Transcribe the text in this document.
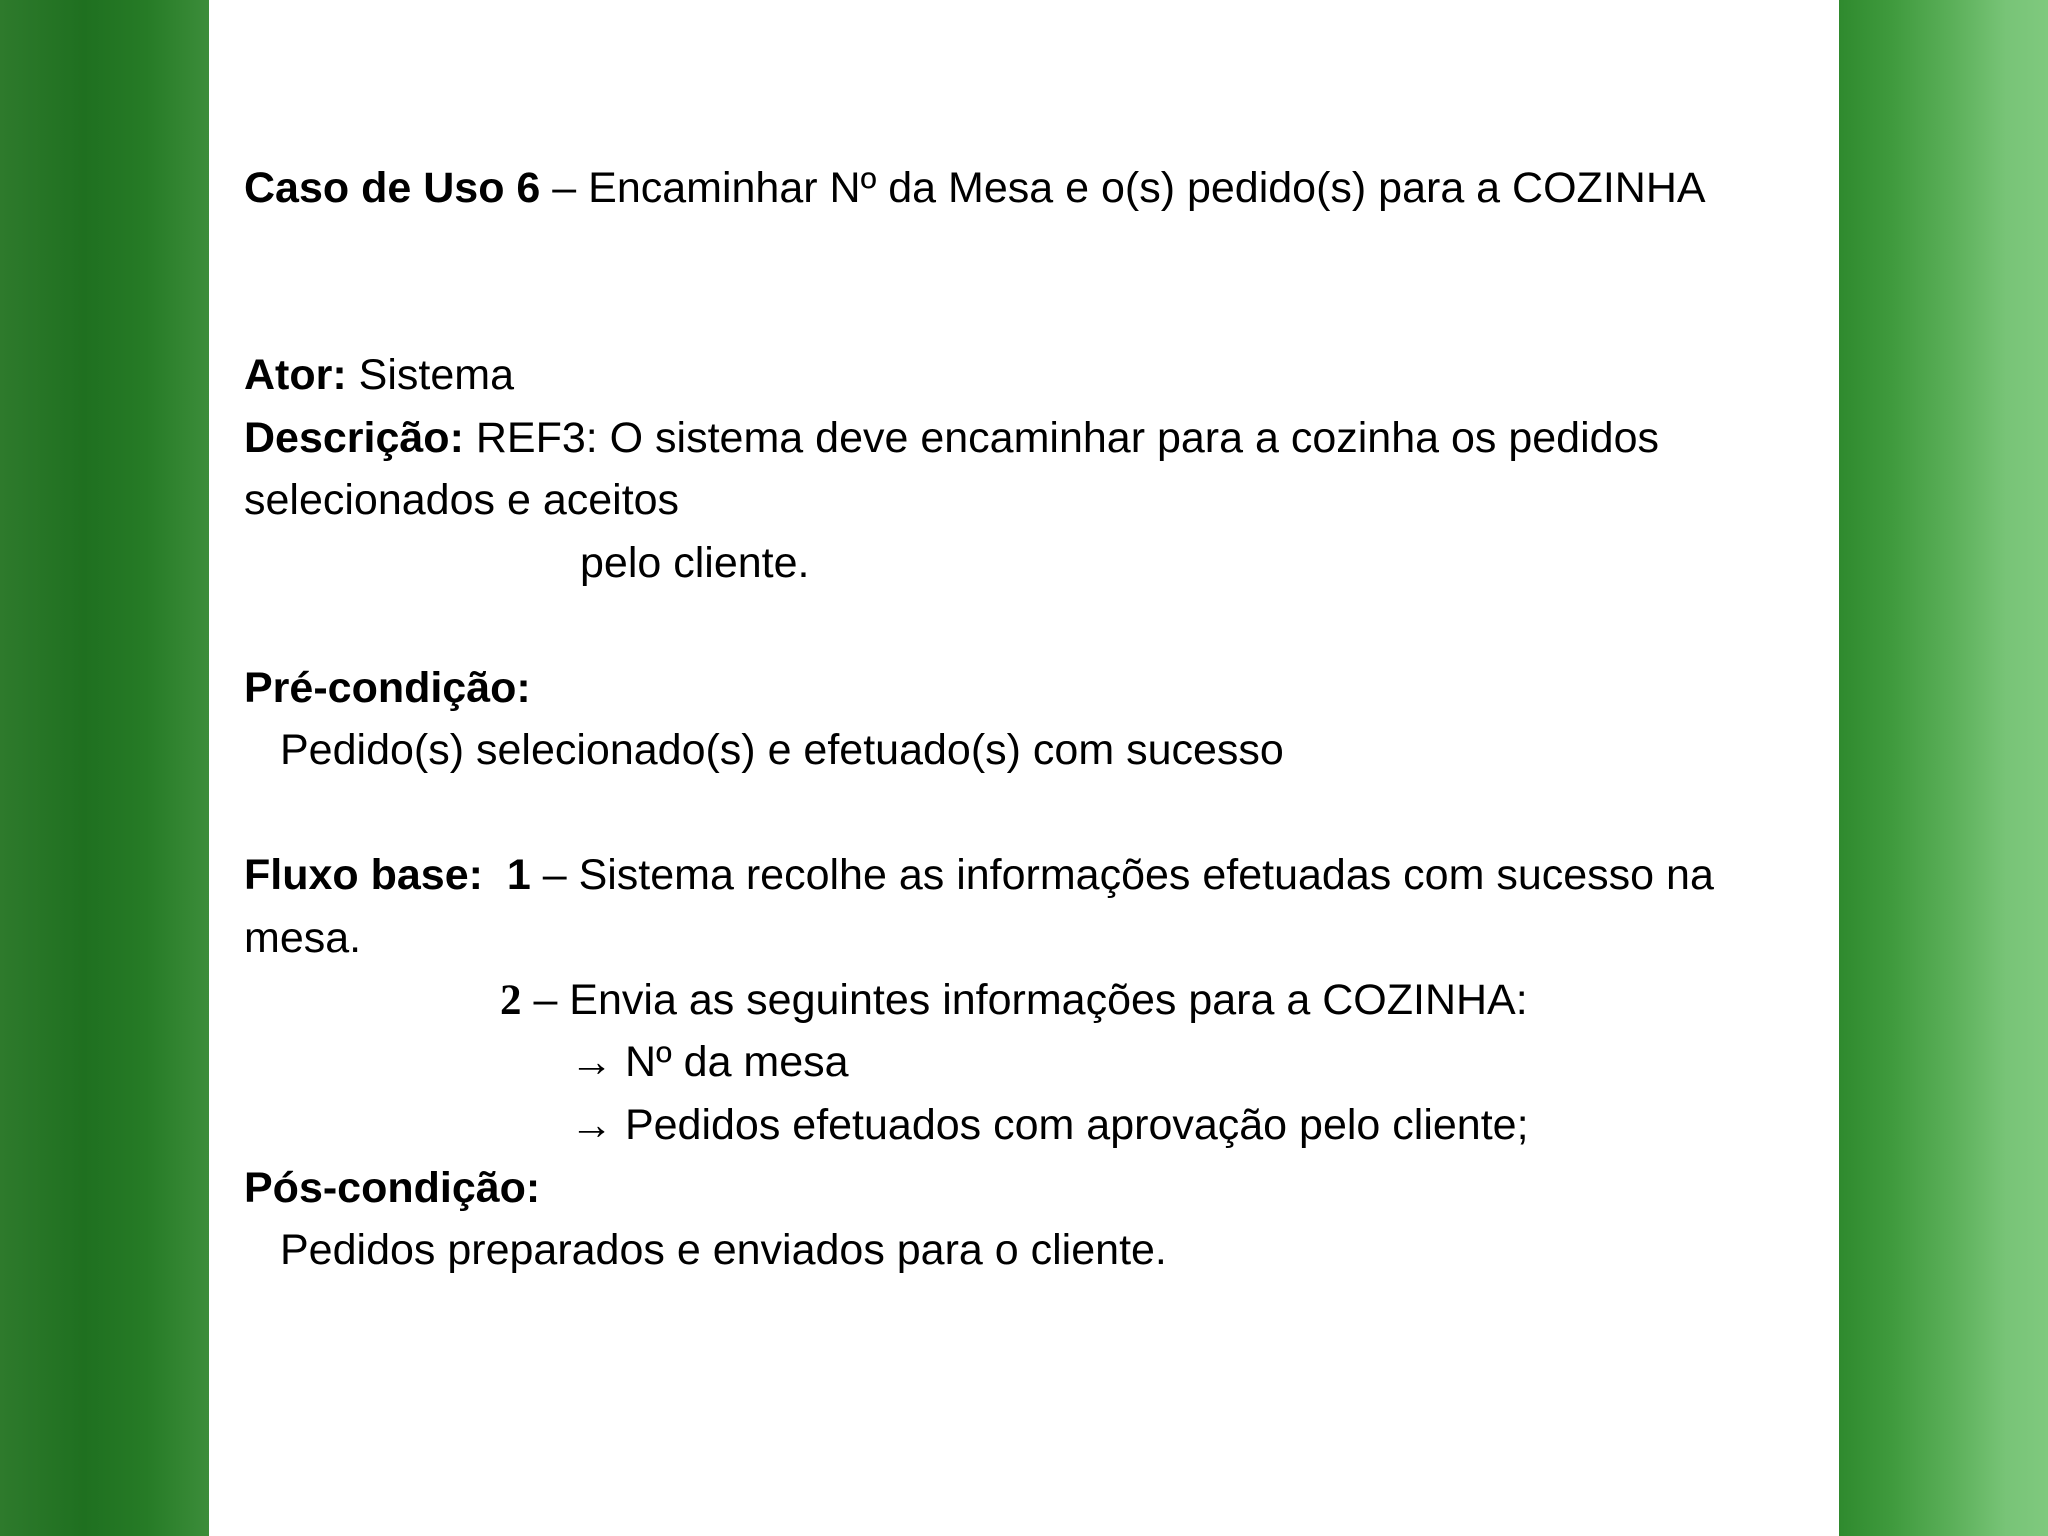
Caso de Uso 6 – Encaminhar Nº da Mesa e o(s) pedido(s) para a COZINHA
Ator: Sistema
Descrição: REF3: O sistema deve encaminhar para a cozinha os pedidos
selecionados e aceitos
pelo cliente.
Pré-condição:
Pedido(s) selecionado(s) e efetuado(s) com sucesso
Fluxo base: 1 – Sistema recolhe as informações efetuadas com sucesso na
mesa.
2 – Envia as seguintes informações para a COZINHA:
→ Nº da mesa
→ Pedidos efetuados com aprovação pelo cliente;
Pós-condição:
Pedidos preparados e enviados para o cliente.
